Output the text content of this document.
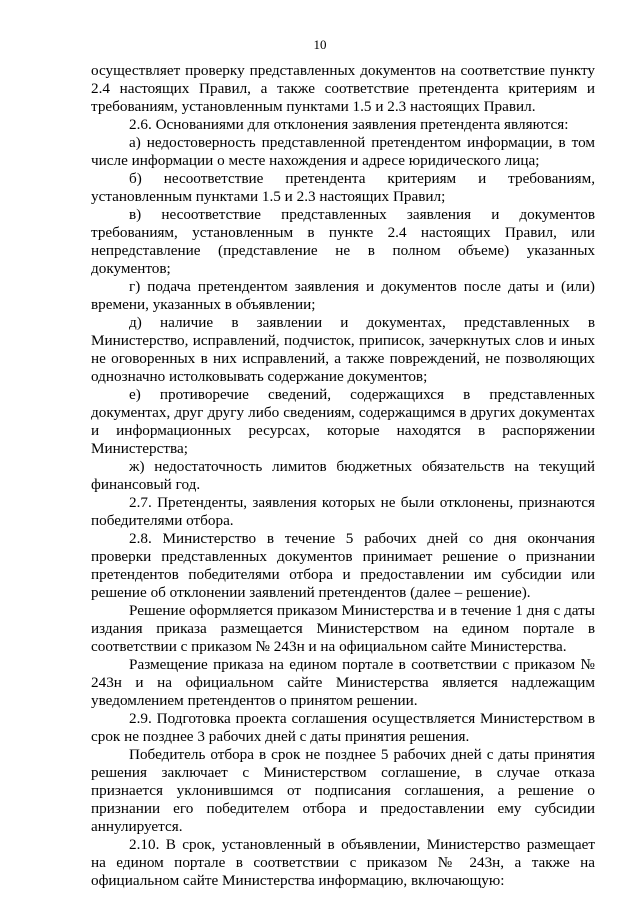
10

осуществляет проверку представленных документов на соответствие пункту 2.4 настоящих Правил, а также соответствие претендента критериям и требованиям, установленным пунктами 1.5 и 2.3 настоящих Правил.

2.6. Основаниями для отклонения заявления претендента являются:

а) недостоверность представленной претендентом информации, в том числе информации о месте нахождения и адресе юридического лица;

б) несоответствие претендента критериям и требованиям, установленным пунктами 1.5 и 2.3 настоящих Правил;

в) несоответствие представленных заявления и документов требованиям, установленным в пункте 2.4 настоящих Правил, или непредставление (представление не в полном объеме) указанных документов;

г) подача претендентом заявления и документов после даты и (или) времени, указанных в объявлении;

д) наличие в заявлении и документах, представленных в Министерство, исправлений, подчисток, приписок, зачеркнутых слов и иных не оговоренных в них исправлений, а также повреждений, не позволяющих однозначно истолковывать содержание документов;

е) противоречие сведений, содержащихся в представленных документах, друг другу либо сведениям, содержащимся в других документах и информационных ресурсах, которые находятся в распоряжении Министерства;

ж) недостаточность лимитов бюджетных обязательств на текущий финансовый год.

2.7. Претенденты, заявления которых не были отклонены, признаются победителями отбора.

2.8. Министерство в течение 5 рабочих дней со дня окончания проверки представленных документов принимает решение о признании претендентов победителями отбора и предоставлении им субсидии или решение об отклонении заявлений претендентов (далее – решение).

Решение оформляется приказом Министерства и в течение 1 дня с даты издания приказа размещается Министерством на едином портале в соответствии с приказом № 243н и на официальном сайте Министерства.

Размещение приказа на едином портале в соответствии с приказом № 243н и на официальном сайте Министерства является надлежащим уведомлением претендентов о принятом решении.

2.9. Подготовка проекта соглашения осуществляется Министерством в срок не позднее 3 рабочих дней с даты принятия решения.

Победитель отбора в срок не позднее 5 рабочих дней с даты принятия решения заключает с Министерством соглашение, в случае отказа признается уклонившимся от подписания соглашения, а решение о признании его победителем отбора и предоставлении ему субсидии аннулируется.

2.10. В срок, установленный в объявлении, Министерство размещает на едином портале в соответствии с приказом № 243н, а также на официальном сайте Министерства информацию, включающую:
